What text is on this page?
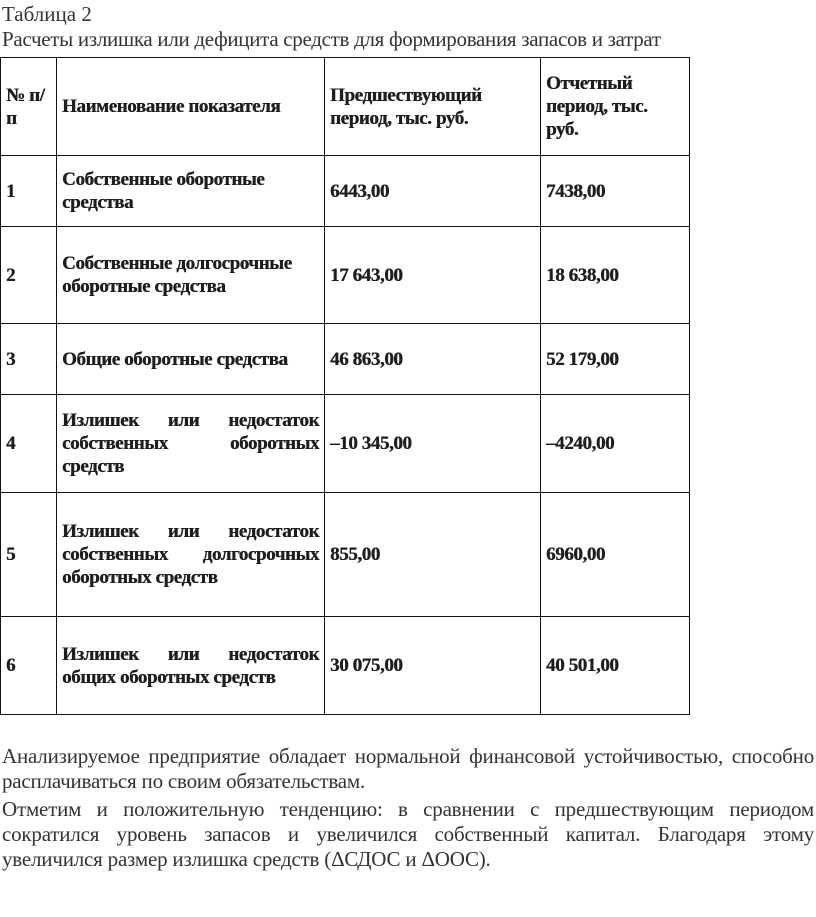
Таблица 2
Расчеты излишка или дефицита средств для формирования запасов и затрат
№ п/п	Наименование показателя	Предшествующий период, тыс. руб.	Отчетный период, тыс. руб.
1	Собственные оборотные средства	6443,00	7438,00
2	Собственные долгосрочные оборотные средства	17 643,00	18 638,00
3	Общие оборотные средства	46 863,00	52 179,00
4	Излишек или недостаток собственных оборотных средств	–10 345,00	–4240,00
5	Излишек или недостаток собственных долгосрочных оборотных средств	855,00	6960,00
6	Излишек или недостаток общих оборотных средств	30 075,00	40 501,00
Анализируемое предприятие обладает нормальной финансовой устойчивостью, способно расплачиваться по своим обязательствам.
Отметим и положительную тенденцию: в сравнении с предшествующим периодом сократился уровень запасов и увеличился собственный капитал. Благодаря этому увеличился размер излишка средств (ΔСДОС и ΔООС).
